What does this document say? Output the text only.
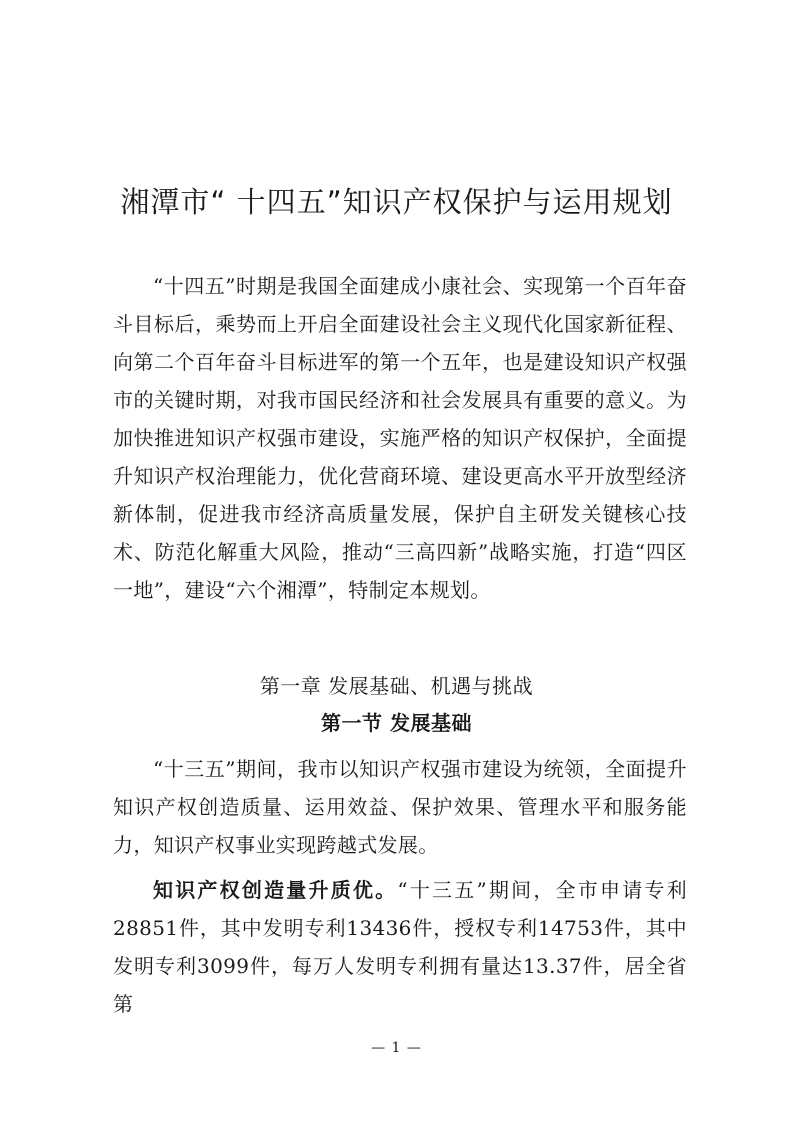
湘潭市“ 十四五”知识产权保护与运用规划

“十四五”时期是我国全面建成小康社会、实现第一个百年奋斗目标后，乘势而上开启全面建设社会主义现代化国家新征程、向第二个百年奋斗目标进军的第一个五年，也是建设知识产权强市的关键时期，对我市国民经济和社会发展具有重要的意义。为加快推进知识产权强市建设，实施严格的知识产权保护，全面提升知识产权治理能力，优化营商环境、建设更高水平开放型经济新体制，促进我市经济高质量发展，保护自主研发关键核心技术、防范化解重大风险，推动“三高四新”战略实施，打造“四区一地”，建设“六个湘潭”，特制定本规划。

第一章 发展基础、机遇与挑战
第一节 发展基础

“十三五”期间，我市以知识产权强市建设为统领，全面提升知识产权创造质量、运用效益、保护效果、管理水平和服务能力，知识产权事业实现跨越式发展。

知识产权创造量升质优。“十三五”期间，全市申请专利28851件，其中发明专利13436件，授权专利14753件，其中发明专利3099件，每万人发明专利拥有量达13.37件，居全省第

— 1 —
